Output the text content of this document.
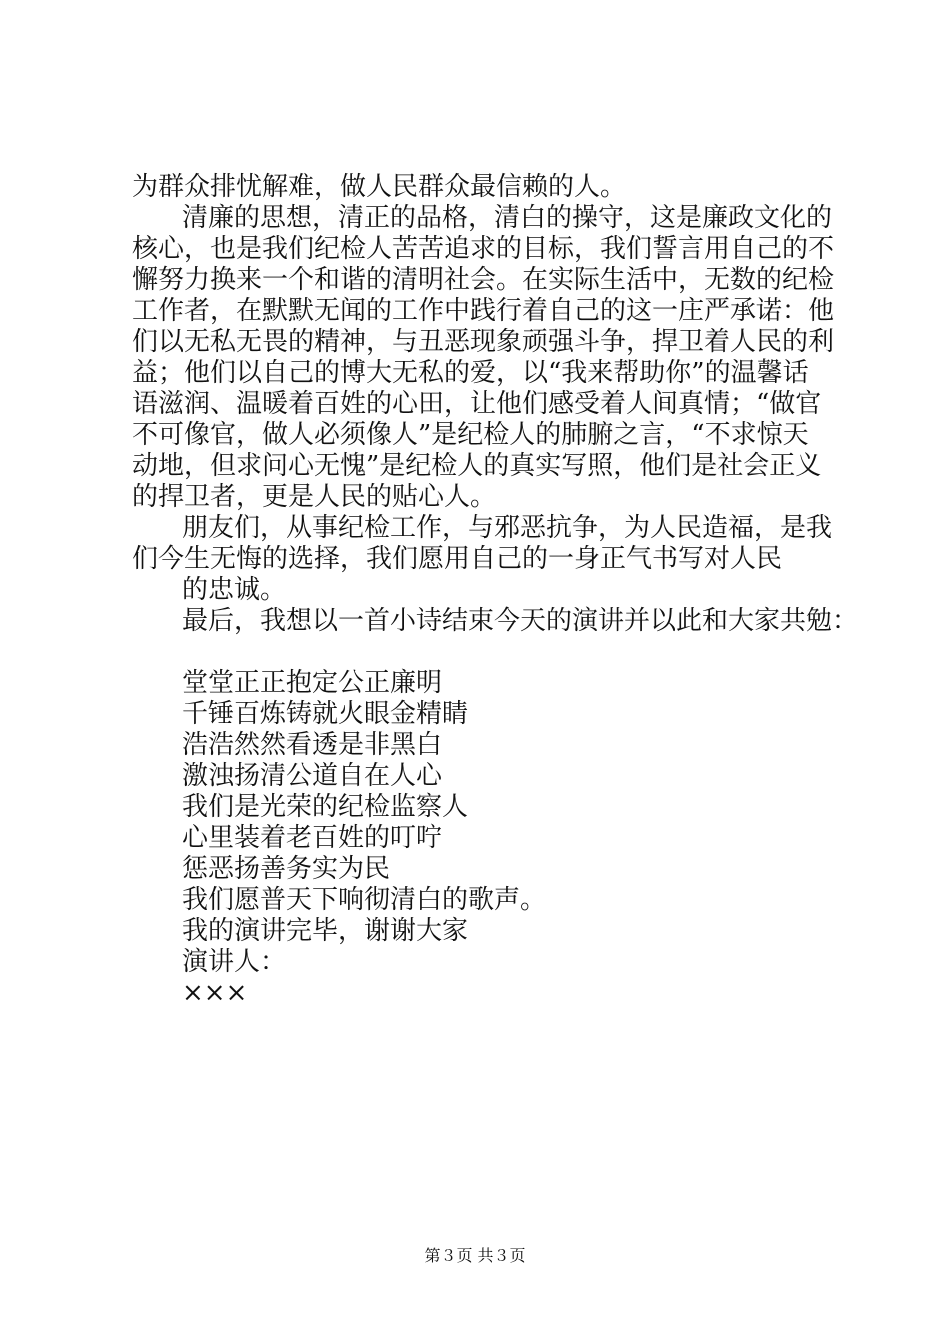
为群众排忧解难，做人民群众最信赖的人。
清廉的思想，清正的品格，清白的操守，这是廉政文化的
核心，也是我们纪检人苦苦追求的目标，我们誓言用自己的不
懈努力换来一个和谐的清明社会。在实际生活中，无数的纪检
工作者，在默默无闻的工作中践行着自己的这一庄严承诺：他
们以无私无畏的精神，与丑恶现象顽强斗争，捍卫着人民的利
益；他们以自己的博大无私的爱，以“我来帮助你”的温馨话
语滋润、温暖着百姓的心田，让他们感受着人间真情；“做官
不可像官，做人必须像人”是纪检人的肺腑之言，“不求惊天
动地，但求问心无愧”是纪检人的真实写照，他们是社会正义
的捍卫者，更是人民的贴心人。
朋友们，从事纪检工作，与邪恶抗争，为人民造福，是我
们今生无悔的选择，我们愿用自己的一身正气书写对人民
的忠诚。
最后，我想以一首小诗结束今天的演讲并以此和大家共勉：
堂堂正正抱定公正廉明
千锤百炼铸就火眼金精睛
浩浩然然看透是非黑白
激浊扬清公道自在人心
我们是光荣的纪检监察人
心里装着老百姓的叮咛
惩恶扬善务实为民
我们愿普天下响彻清白的歌声。
我的演讲完毕，谢谢大家
演讲人：
×××
第３页 共３页
